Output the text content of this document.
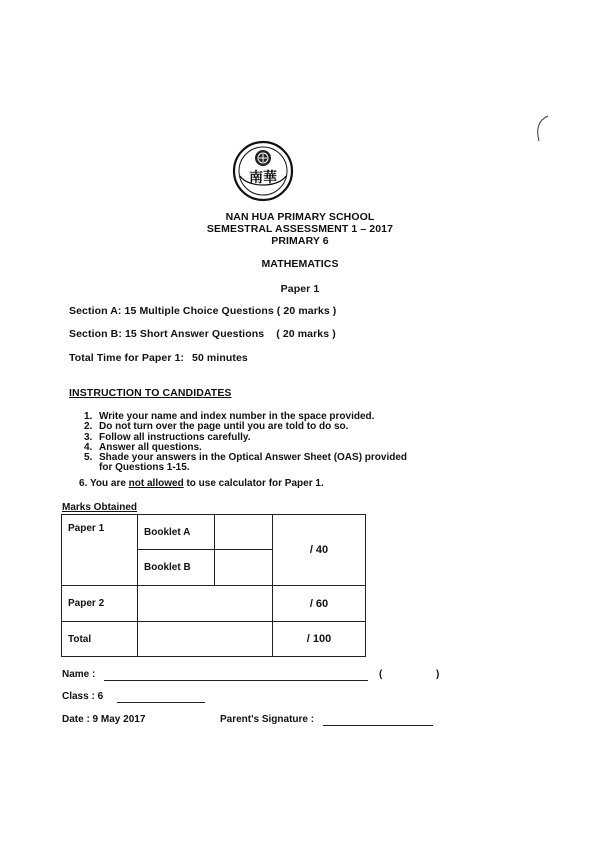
南華
NAN HUA PRIMARY SCHOOL
SEMESTRAL ASSESSMENT 1 – 2017
PRIMARY 6
MATHEMATICS
Paper 1
Section A: 15 Multiple Choice Questions ( 20 marks )
Section B: 15 Short Answer Questions    ( 20 marks )
Total Time for Paper 1: 50 minutes
INSTRUCTION TO CANDIDATES
1. Write your name and index number in the space provided.
2. Do not turn over the page until you are told to do so.
3. Follow all instructions carefully.
4. Answer all questions.
5. Shade your answers in the Optical Answer Sheet (OAS) provided
for Questions 1-15.
6. You are not allowed to use calculator for Paper 1.
Marks Obtained
Paper 1	Booklet A		/ 40
	Booklet B		
Paper 2			/ 60
Total			/ 100
Name :	(	)
Class : 6
Date : 9 May 2017	Parent's Signature :
